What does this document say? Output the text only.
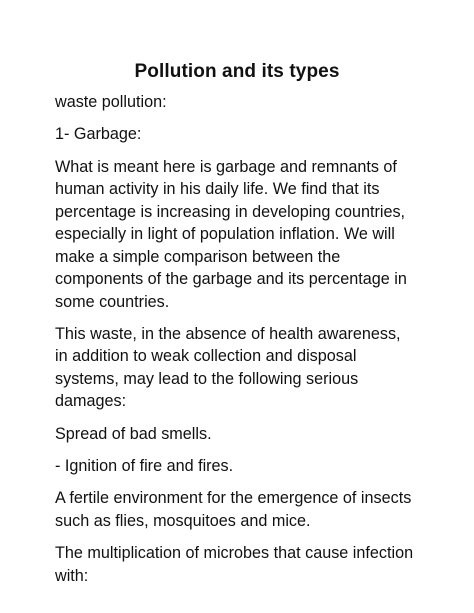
Pollution and its types

waste pollution:

1- Garbage:

What is meant here is garbage and remnants of human activity in his daily life. We find that its percentage is increasing in developing countries, especially in light of population inflation. We will make a simple comparison between the components of the garbage and its percentage in some countries.

This waste, in the absence of health awareness, in addition to weak collection and disposal systems, may lead to the following serious damages:

Spread of bad smells.

- Ignition of fire and fires.

A fertile environment for the emergence of insects such as flies, mosquitoes and mice.

The multiplication of microbes that cause infection with:
